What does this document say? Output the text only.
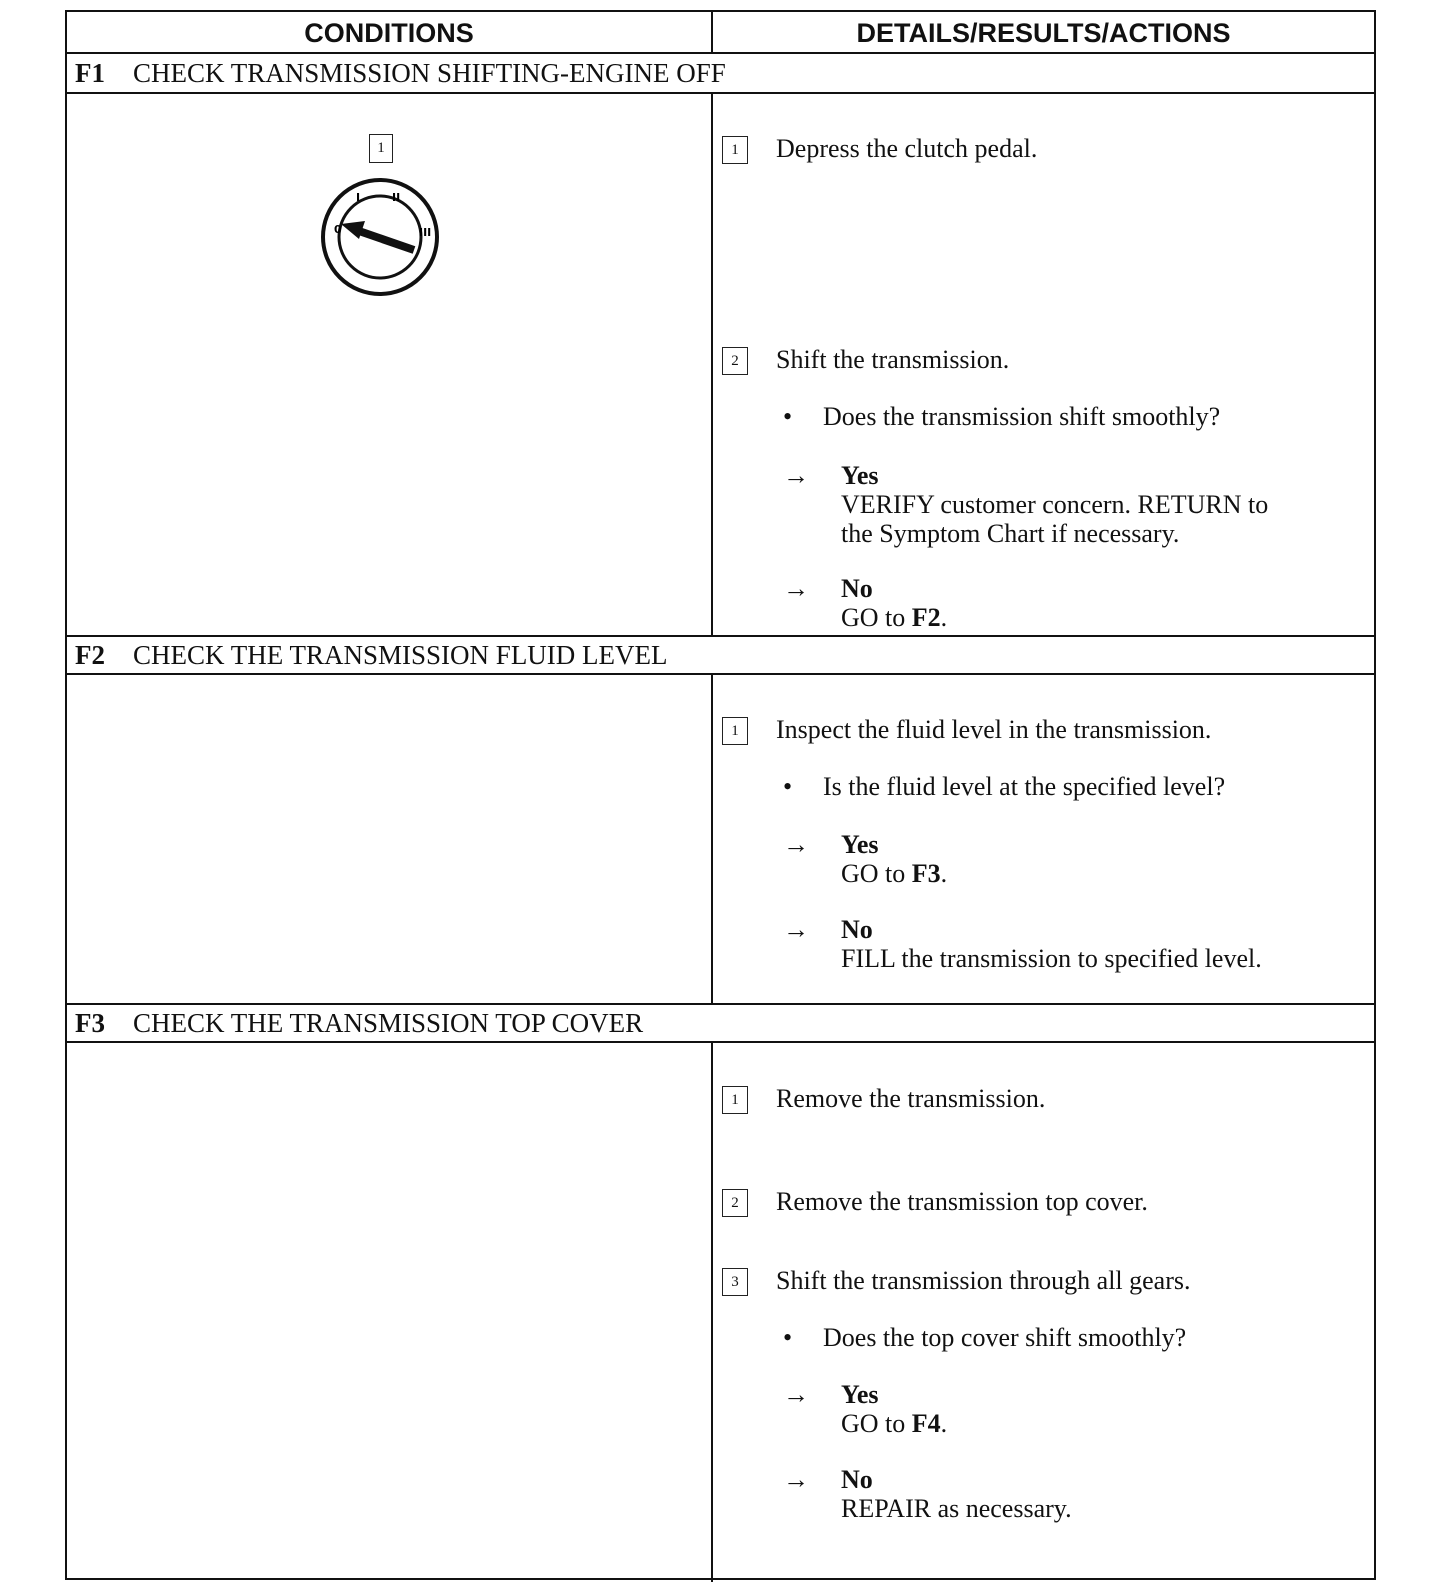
CONDITIONS	DETAILS/RESULTS/ACTIONS
F1 CHECK TRANSMISSION SHIFTING-ENGINE OFF
1
0
I	II
III
1	Depress the clutch pedal.
2	Shift the transmission.
•	Does the transmission shift smoothly?
→	Yes
VERIFY customer concern. RETURN to
the Symptom Chart if necessary.
→	No
GO to F2.
F2 CHECK THE TRANSMISSION FLUID LEVEL
1	Inspect the fluid level in the transmission.
•	Is the fluid level at the specified level?
→	Yes
GO to F3.
→	No
FILL the transmission to specified level.
F3 CHECK THE TRANSMISSION TOP COVER
1	Remove the transmission.
2	Remove the transmission top cover.
3	Shift the transmission through all gears.
•	Does the top cover shift smoothly?
→	Yes
GO to F4.
→	No
REPAIR as necessary.
